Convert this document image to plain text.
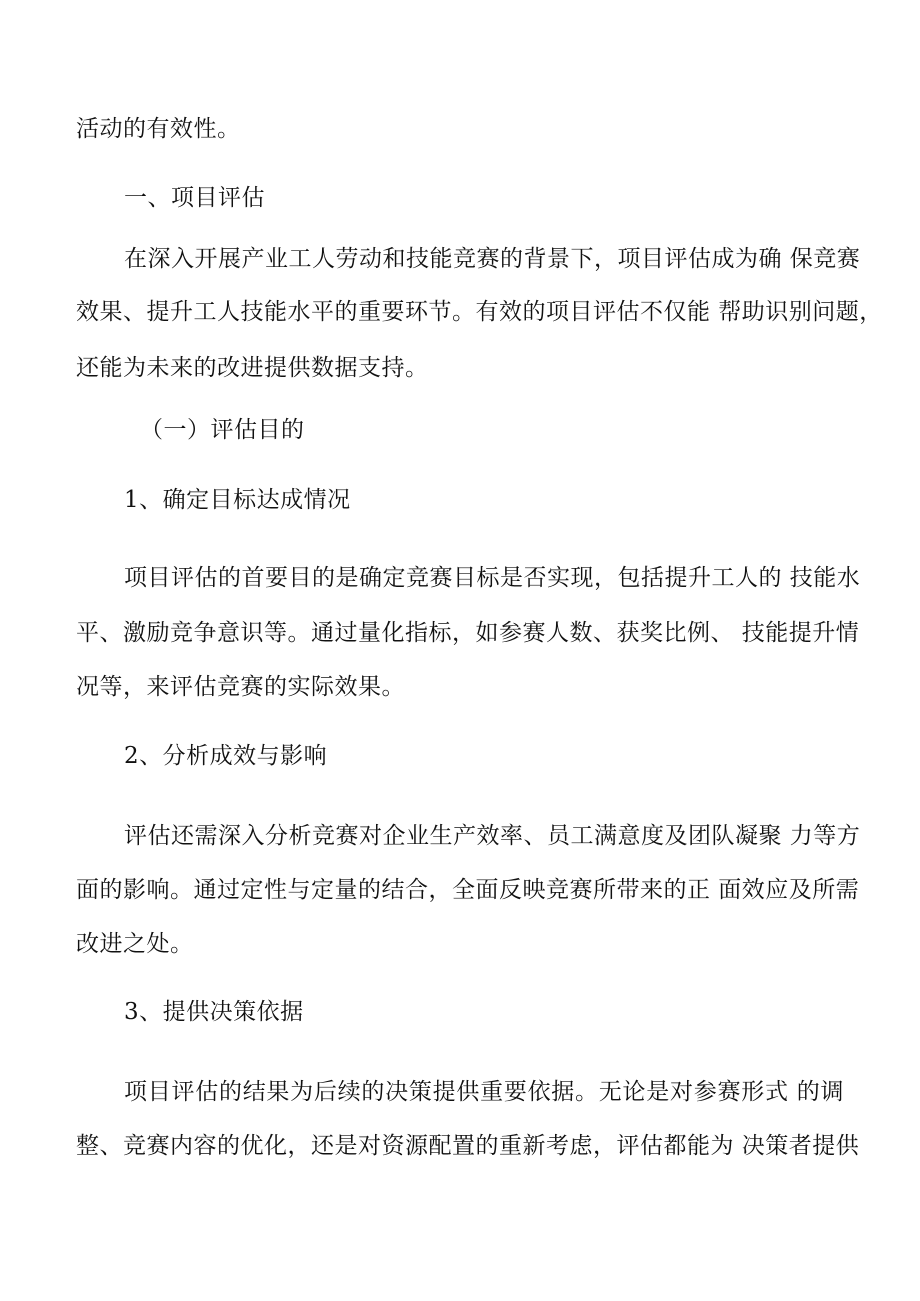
活动的有效性。
一、项目评估
在深入开展产业工人劳动和技能竞赛的背景下，项目评估成为确 保竞赛
效果、提升工人技能水平的重要环节。有效的项目评估不仅能 帮助识别问题，
还能为未来的改进提供数据支持。
（一）评估目的
1、确定目标达成情况
项目评估的首要目的是确定竞赛目标是否实现，包括提升工人的 技能水
平、激励竞争意识等。通过量化指标，如参赛人数、获奖比例、 技能提升情
况等，来评估竞赛的实际效果。
2、分析成效与影响
评估还需深入分析竞赛对企业生产效率、员工满意度及团队凝聚 力等方
面的影响。通过定性与定量的结合，全面反映竞赛所带来的正 面效应及所需
改进之处。
3、提供决策依据
项目评估的结果为后续的决策提供重要依据。无论是对参赛形式 的调
整、竞赛内容的优化，还是对资源配置的重新考虑，评估都能为 决策者提供
